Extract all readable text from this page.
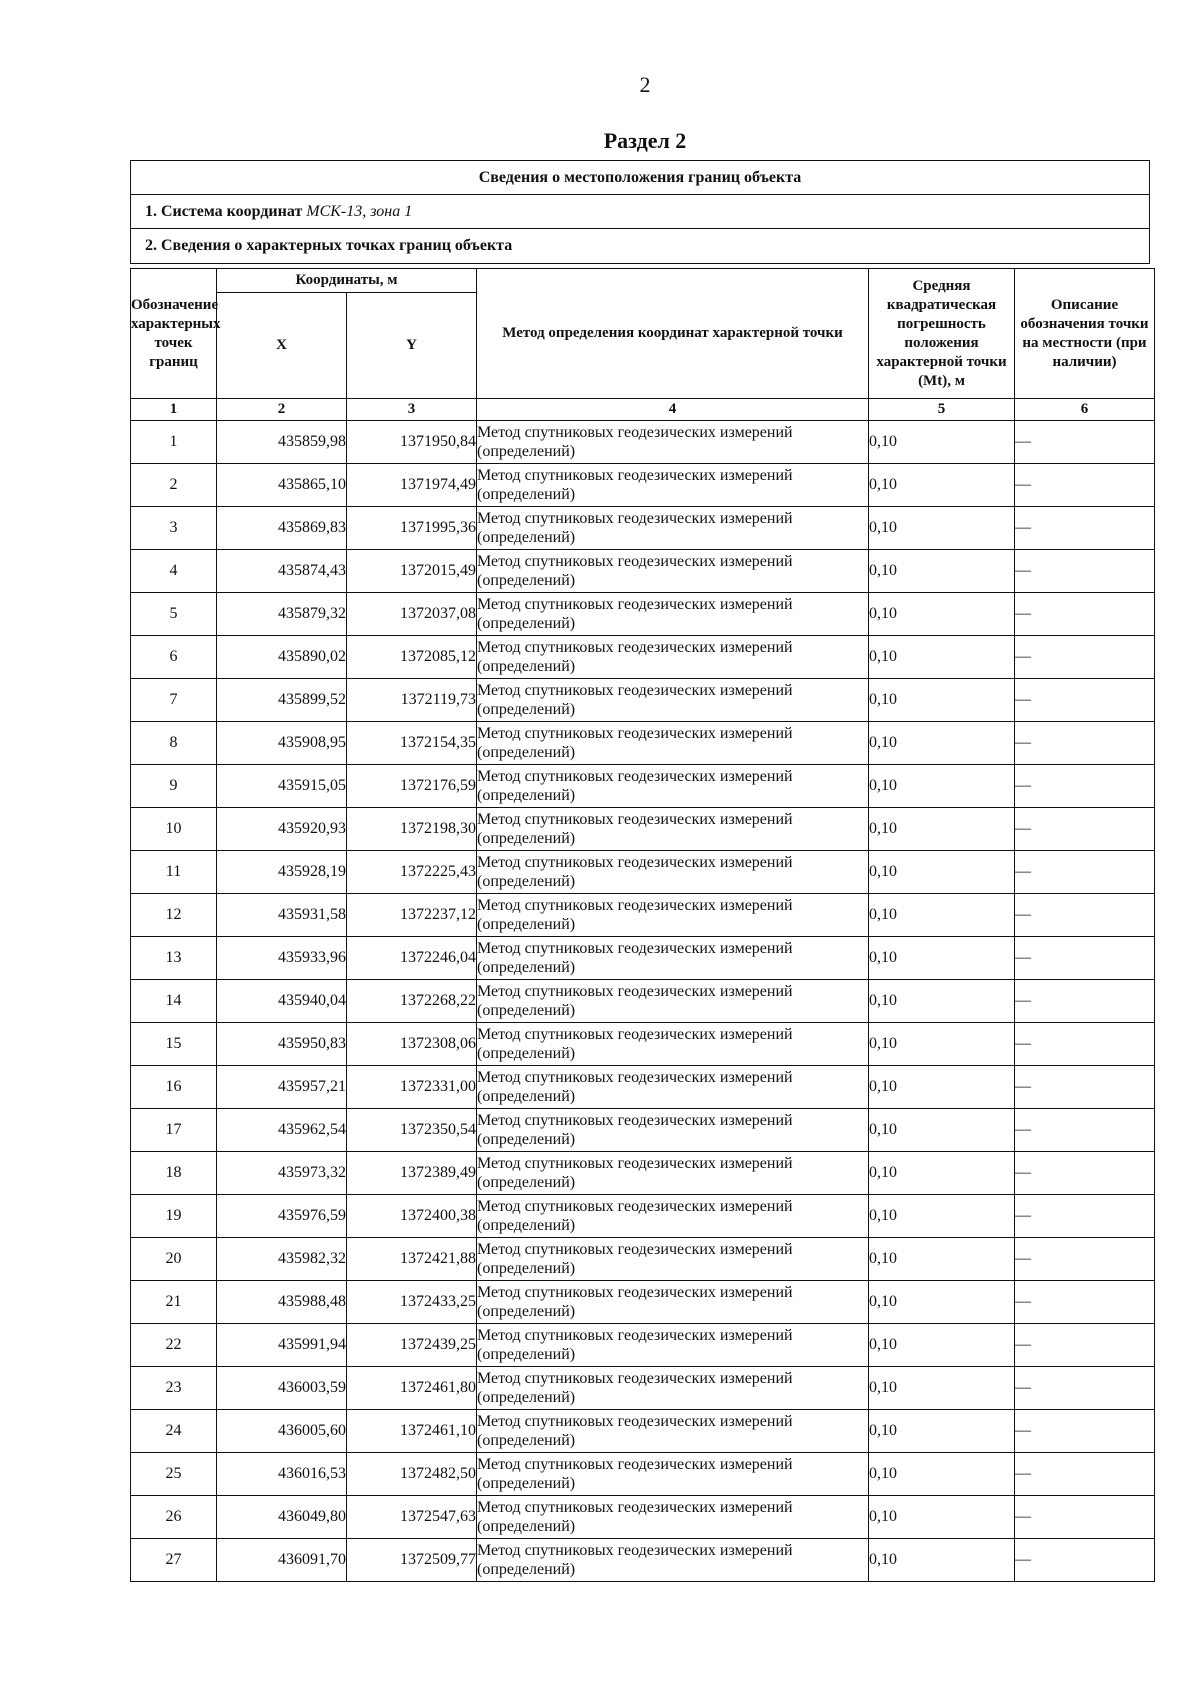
2
Раздел 2
Сведения о местоположения границ объекта
1. Система координат МСК-13, зона 1
2. Сведения о характерных точках границ объекта
Обозначение характерных точек границ	Координаты, м		Метод определения координат характерной точки	Средняя квадратическая погрешность положения характерной точки (Mt), м	Описание обозначения точки на местности (при наличии)
	X	Y			
1	2	3	4	5	6
1	435859,98	1371950,84	Метод спутниковых геодезических измерений (определений)	0,10	—
2	435865,10	1371974,49	Метод спутниковых геодезических измерений (определений)	0,10	—
3	435869,83	1371995,36	Метод спутниковых геодезических измерений (определений)	0,10	—
4	435874,43	1372015,49	Метод спутниковых геодезических измерений (определений)	0,10	—
5	435879,32	1372037,08	Метод спутниковых геодезических измерений (определений)	0,10	—
6	435890,02	1372085,12	Метод спутниковых геодезических измерений (определений)	0,10	—
7	435899,52	1372119,73	Метод спутниковых геодезических измерений (определений)	0,10	—
8	435908,95	1372154,35	Метод спутниковых геодезических измерений (определений)	0,10	—
9	435915,05	1372176,59	Метод спутниковых геодезических измерений (определений)	0,10	—
10	435920,93	1372198,30	Метод спутниковых геодезических измерений (определений)	0,10	—
11	435928,19	1372225,43	Метод спутниковых геодезических измерений (определений)	0,10	—
12	435931,58	1372237,12	Метод спутниковых геодезических измерений (определений)	0,10	—
13	435933,96	1372246,04	Метод спутниковых геодезических измерений (определений)	0,10	—
14	435940,04	1372268,22	Метод спутниковых геодезических измерений (определений)	0,10	—
15	435950,83	1372308,06	Метод спутниковых геодезических измерений (определений)	0,10	—
16	435957,21	1372331,00	Метод спутниковых геодезических измерений (определений)	0,10	—
17	435962,54	1372350,54	Метод спутниковых геодезических измерений (определений)	0,10	—
18	435973,32	1372389,49	Метод спутниковых геодезических измерений (определений)	0,10	—
19	435976,59	1372400,38	Метод спутниковых геодезических измерений (определений)	0,10	—
20	435982,32	1372421,88	Метод спутниковых геодезических измерений (определений)	0,10	—
21	435988,48	1372433,25	Метод спутниковых геодезических измерений (определений)	0,10	—
22	435991,94	1372439,25	Метод спутниковых геодезических измерений (определений)	0,10	—
23	436003,59	1372461,80	Метод спутниковых геодезических измерений (определений)	0,10	—
24	436005,60	1372461,10	Метод спутниковых геодезических измерений (определений)	0,10	—
25	436016,53	1372482,50	Метод спутниковых геодезических измерений (определений)	0,10	—
26	436049,80	1372547,63	Метод спутниковых геодезических измерений (определений)	0,10	—
27	436091,70	1372509,77	Метод спутниковых геодезических измерений (определений)	0,10	—
